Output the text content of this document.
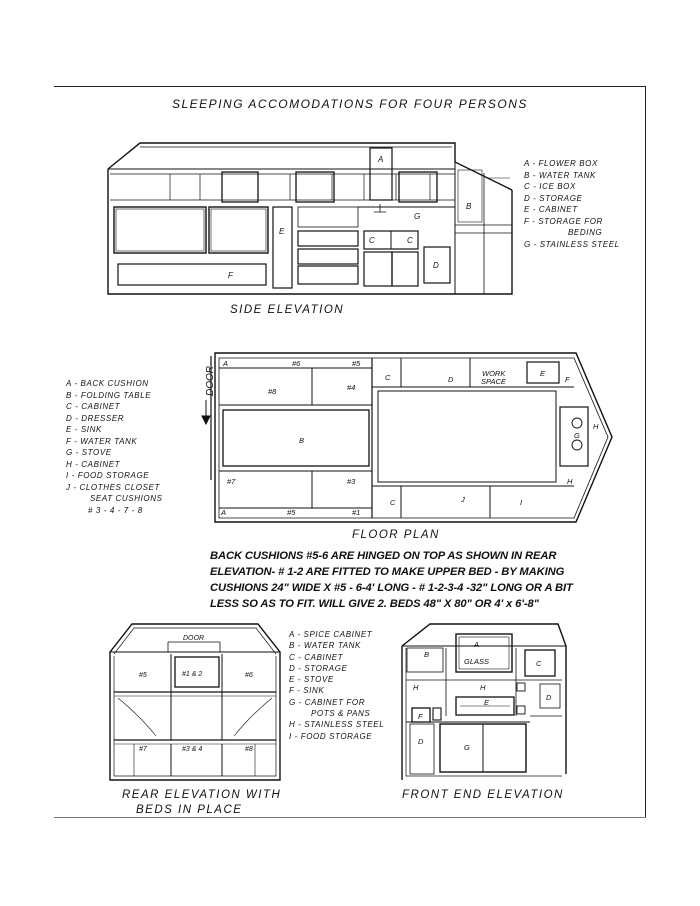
SLEEPING ACCOMODATIONS FOR FOUR PERSONS
A
B
C	C
D
E
F
G
A - FLOWER BOX
B - WATER TANK
C - ICE BOX
D - STORAGE
E - CABINET
F - STORAGE FOR
BEDING
G - STAINLESS STEEL
SIDE ELEVATION
DOOR
A	#6	#5
#8	#4
B
#7	#3
A	#5	#1
C	D
WORK
SPACE
E
F
G
H
H
C	J	I
A - BACK CUSHION
B - FOLDING TABLE
C - CABINET
D - DRESSER
E - SINK
F - WATER TANK
G - STOVE
H - CABINET
I - FOOD STORAGE
J - CLOTHES CLOSET
SEAT CUSHIONS
# 3 - 4 - 7 - 8
FLOOR PLAN
BACK CUSHIONS #5-6 ARE HINGED ON TOP AS SHOWN IN REAR
ELEVATION- # 1-2 ARE FITTED TO MAKE UPPER BED - BY MAKING
CUSHIONS 24" WIDE X #5 - 6-4' LONG - # 1-2-3-4 -32" LONG OR A BIT
LESS SO AS TO FIT. WILL GIVE 2. BEDS 48" X 80" OR 4' x 6'-8"
DOOR
#5	#1 & 2	#6
#7	#3 & 4	#8
A - SPICE CABINET
B - WATER TANK
C - CABINET
D - STORAGE
E - STOVE
F - SINK
G - CABINET FOR
POTS & PANS
H - STAINLESS STEEL
I - FOOD STORAGE
A
GLASS
B
C
H	H
E
D
F
D
G
REAR ELEVATION WITH
BEDS IN PLACE
FRONT END ELEVATION
